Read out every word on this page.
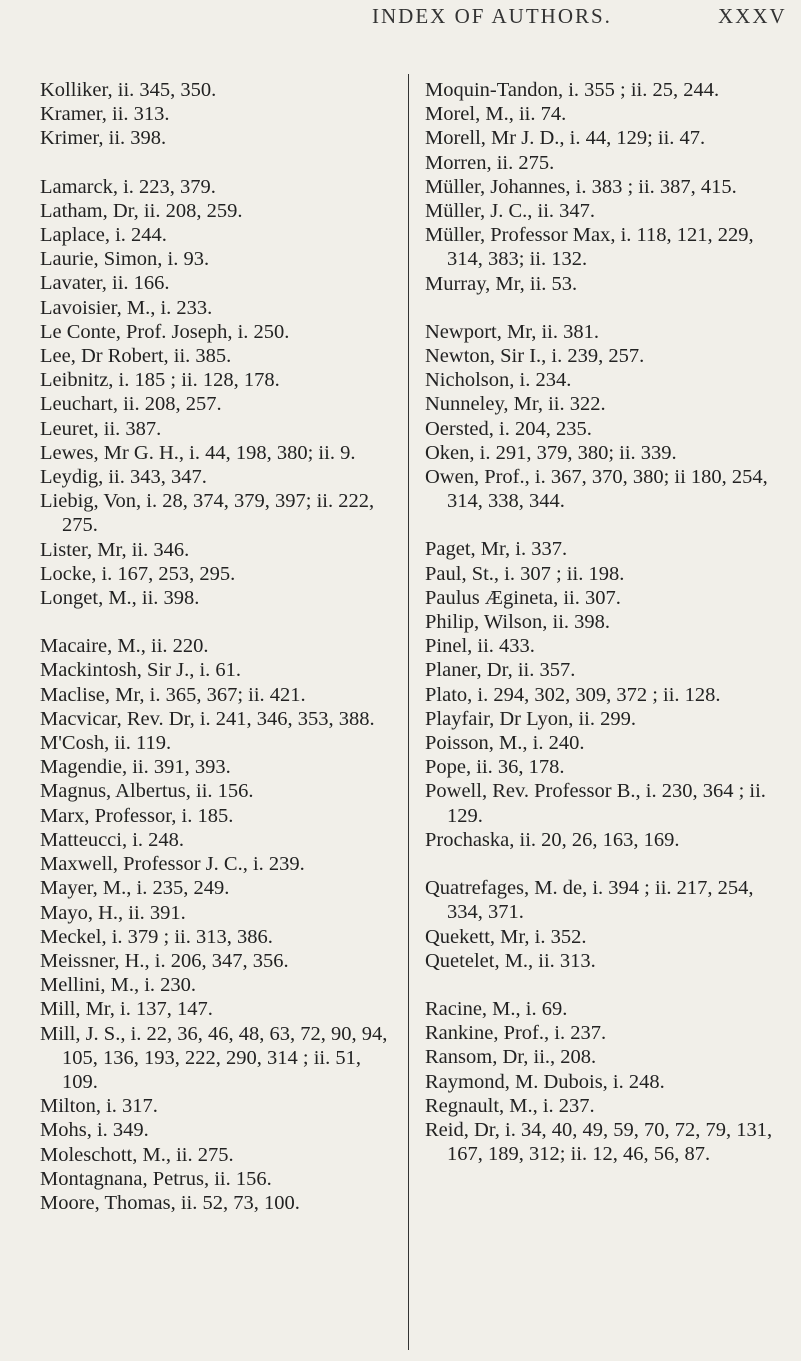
INDEX OF AUTHORS.	XXXV

Kolliker, ii. 345, 350.

Kramer, ii. 313.

Krimer, ii. 398.

Lamarck, i. 223, 379.

Latham, Dr, ii. 208, 259.

Laplace, i. 244.

Laurie, Simon, i. 93.

Lavater, ii. 166.

Lavoisier, M., i. 233.

Le Conte, Prof. Joseph, i. 250.

Lee, Dr Robert, ii. 385.

Leibnitz, i. 185 ; ii. 128, 178.

Leuchart, ii. 208, 257.

Leuret, ii. 387.

Lewes, Mr G. H., i. 44, 198, 380; ii. 9.

Leydig, ii. 343, 347.

Liebig, Von, i. 28, 374, 379, 397; ii. 222, 275.

Lister, Mr, ii. 346.

Locke, i. 167, 253, 295.

Longet, M., ii. 398.

Macaire, M., ii. 220.

Mackintosh, Sir J., i. 61.

Maclise, Mr, i. 365, 367; ii. 421.

Macvicar, Rev. Dr, i. 241, 346, 353, 388.

M'Cosh, ii. 119.

Magendie, ii. 391, 393.

Magnus, Albertus, ii. 156.

Marx, Professor, i. 185.

Matteucci, i. 248.

Maxwell, Professor J. C., i. 239.

Mayer, M., i. 235, 249.

Mayo, H., ii. 391.

Meckel, i. 379 ; ii. 313, 386.

Meissner, H., i. 206, 347, 356.

Mellini, M., i. 230.

Mill, Mr, i. 137, 147.

Mill, J. S., i. 22, 36, 46, 48, 63, 72, 90, 94, 105, 136, 193, 222, 290, 314 ; ii. 51, 109.

Milton, i. 317.

Mohs, i. 349.

Moleschott, M., ii. 275.

Montagnana, Petrus, ii. 156.

Moore, Thomas, ii. 52, 73, 100.

Moquin-Tandon, i. 355 ; ii. 25, 244.

Morel, M., ii. 74.

Morell, Mr J. D., i. 44, 129; ii. 47.

Morren, ii. 275.

Müller, Johannes, i. 383 ; ii. 387, 415.

Müller, J. C., ii. 347.

Müller, Professor Max, i. 118, 121, 229, 314, 383; ii. 132.

Murray, Mr, ii. 53.

Newport, Mr, ii. 381.

Newton, Sir I., i. 239, 257.

Nicholson, i. 234.

Nunneley, Mr, ii. 322.

Oersted, i. 204, 235.

Oken, i. 291, 379, 380; ii. 339.

Owen, Prof., i. 367, 370, 380; ii 180, 254, 314, 338, 344.

Paget, Mr, i. 337.

Paul, St., i. 307 ; ii. 198.

Paulus Ægineta, ii. 307.

Philip, Wilson, ii. 398.

Pinel, ii. 433.

Planer, Dr, ii. 357.

Plato, i. 294, 302, 309, 372 ; ii. 128.

Playfair, Dr Lyon, ii. 299.

Poisson, M., i. 240.

Pope, ii. 36, 178.

Powell, Rev. Professor B., i. 230, 364 ; ii. 129.

Prochaska, ii. 20, 26, 163, 169.

Quatrefages, M. de, i. 394 ; ii. 217, 254, 334, 371.

Quekett, Mr, i. 352.

Quetelet, M., ii. 313.

Racine, M., i. 69.

Rankine, Prof., i. 237.

Ransom, Dr, ii., 208.

Raymond, M. Dubois, i. 248.

Regnault, M., i. 237.

Reid, Dr, i. 34, 40, 49, 59, 70, 72, 79, 131, 167, 189, 312; ii. 12, 46, 56, 87.
